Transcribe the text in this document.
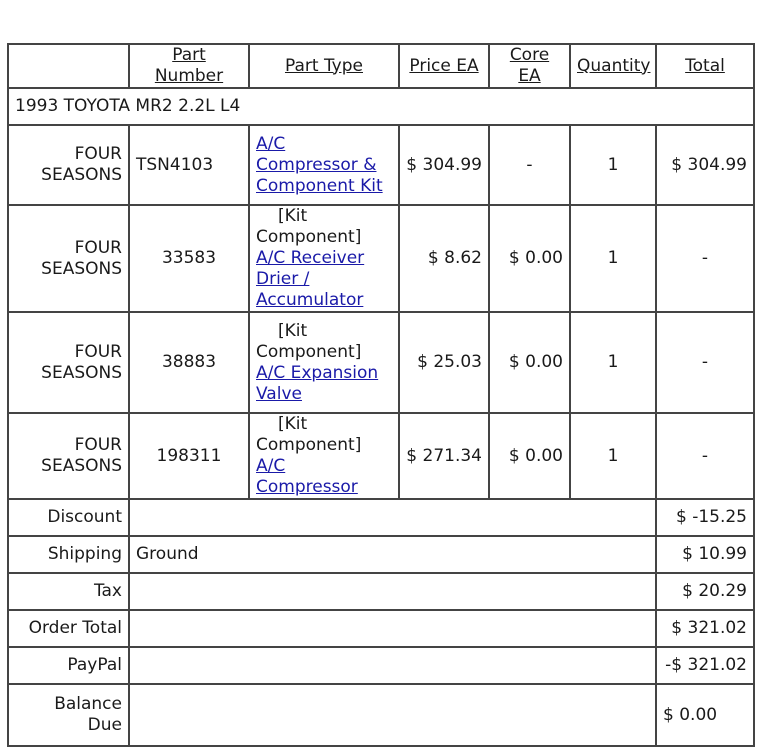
	Part Number	Part Type	Price EA	Core EA	Quantity	Total
1993 TOYOTA MR2 2.2L L4						
FOUR
SEASONS	TSN4103	A/C Compressor & Component Kit	$ 304.99	-	1	$ 304.99
FOUR
SEASONS	33583	[Kit Component] A/C Receiver Drier / Accumulator	$ 8.62	$ 0.00	1	-
FOUR
SEASONS	38883	[Kit Component] A/C Expansion Valve	$ 25.03	$ 0.00	1	-
FOUR
SEASONS	198311	[Kit Component] A/C Compressor	$ 271.34	$ 0.00	1	-
Discount						$ -15.25
Shipping	Ground					$ 10.99
Tax						$ 20.29
Order Total						$ 321.02
PayPal						-$ 321.02
Balance
Due						$ 0.00
